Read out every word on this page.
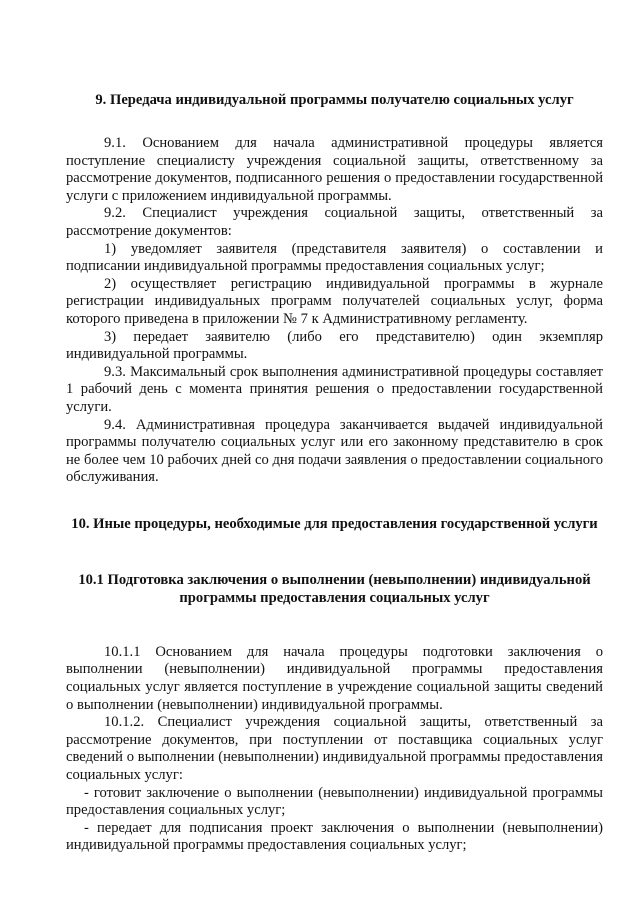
9. Передача индивидуальной программы получателю социальных услуг

9.1. Основанием для начала административной процедуры является поступление специалисту учреждения социальной защиты, ответственному за рассмотрение документов, подписанного решения о предоставлении государственной услуги с приложением индивидуальной программы.

9.2. Специалист учреждения социальной защиты, ответственный за рассмотрение документов:

1) уведомляет заявителя (представителя заявителя) о составлении и подписании индивидуальной программы предоставления социальных услуг;

2) осуществляет регистрацию индивидуальной программы в журнале регистрации индивидуальных программ получателей социальных услуг, форма которого приведена в приложении № 7 к Административному регламенту.

3) передает заявителю (либо его представителю) один экземпляр индивидуальной программы.

9.3. Максимальный срок выполнения административной процедуры составляет 1 рабочий день с момента принятия решения о предоставлении государственной услуги.

9.4. Административная процедура заканчивается выдачей индивидуальной программы получателю социальных услуг или его законному представителю в срок не более чем 10 рабочих дней со дня подачи заявления о предоставлении социального обслуживания.

10. Иные процедуры, необходимые для предоставления государственной услуги
10.1 Подготовка заключения о выполнении (невыполнении) индивидуальной программы предоставления социальных услуг

10.1.1 Основанием для начала процедуры подготовки заключения о выполнении (невыполнении) индивидуальной программы предоставления социальных услуг является поступление в учреждение социальной защиты сведений о выполнении (невыполнении) индивидуальной программы.

10.1.2. Специалист учреждения социальной защиты, ответственный за рассмотрение документов, при поступлении от поставщика социальных услуг сведений о выполнении (невыполнении) индивидуальной программы предоставления социальных услуг:

- готовит заключение о выполнении (невыполнении) индивидуальной программы предоставления социальных услуг;

- передает для подписания проект заключения о выполнении (невыполнении) индивидуальной программы предоставления социальных услуг;
